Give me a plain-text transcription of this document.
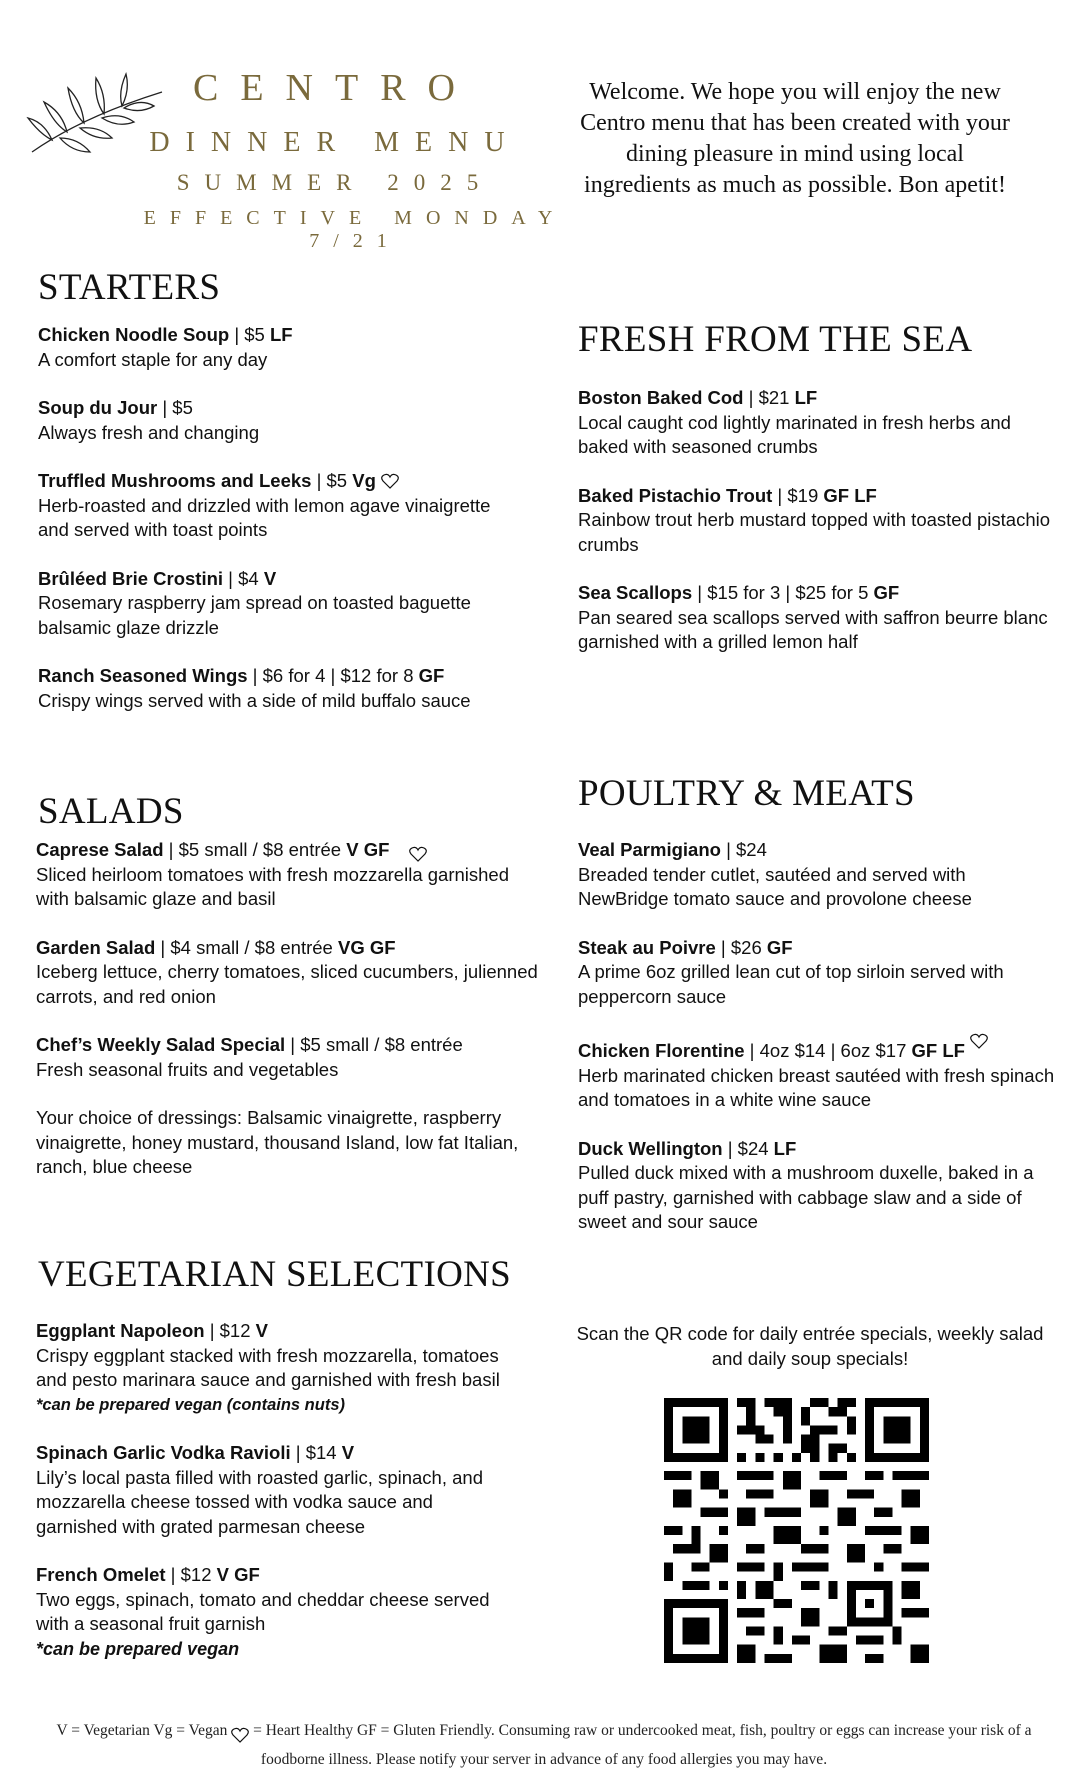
CENTRO
DINNER MENU
SUMMER 2025
EFFECTIVE MONDAY 7/21
Welcome. We hope you will enjoy the new Centro menu that has been created with your dining pleasure in mind using local ingredients as much as possible. Bon apetit!
STARTERS
Chicken Noodle Soup | $5 LF

A comfort staple for any day

Soup du Jour | $5

Always fresh and changing

Truffled Mushrooms and Leeks | $5 Vg

Herb-roasted and drizzled with lemon agave vinaigrette and served with toast points

Brûléed Brie Crostini | $4 V

Rosemary raspberry jam spread on toasted baguette balsamic glaze drizzle

Ranch Seasoned Wings | $6 for 4 | $12 for 8 GF

Crispy wings served with a side of mild buffalo sauce

SALADS
Caprese Salad | $5 small / $8 entrée V GF

Sliced heirloom tomatoes with fresh mozzarella garnished with balsamic glaze and basil

Garden Salad | $4 small / $8 entrée VG GF

Iceberg lettuce, cherry tomatoes, sliced cucumbers, julienned carrots, and red onion

Chef’s Weekly Salad Special | $5 small / $8 entrée

Fresh seasonal fruits and vegetables

Your choice of dressings: Balsamic vinaigrette, raspberry vinaigrette, honey mustard, thousand Island, low fat Italian, ranch, blue cheese

VEGETARIAN SELECTIONS
Eggplant Napoleon | $12 V

Crispy eggplant stacked with fresh mozzarella, tomatoes and pesto marinara sauce and garnished with fresh basil

*can be prepared vegan (contains nuts)

Spinach Garlic Vodka Ravioli | $14 V

Lily’s local pasta filled with roasted garlic, spinach, and mozzarella cheese tossed with vodka sauce and garnished with grated parmesan cheese

French Omelet | $12 V GF

Two eggs, spinach, tomato and cheddar cheese served with a seasonal fruit garnish

*can be prepared vegan

FRESH FROM THE SEA
Boston Baked Cod | $21 LF

Local caught cod lightly marinated in fresh herbs and baked with seasoned crumbs

Baked Pistachio Trout | $19 GF LF

Rainbow trout herb mustard topped with toasted pistachio crumbs

Sea Scallops | $15 for 3 | $25 for 5 GF

Pan seared sea scallops served with saffron beurre blanc garnished with a grilled lemon half

POULTRY & MEATS
Veal Parmigiano | $24

Breaded tender cutlet, sautéed and served with NewBridge tomato sauce and provolone cheese

Steak au Poivre | $26 GF

A prime 6oz grilled lean cut of top sirloin served with peppercorn sauce

Chicken Florentine | 4oz $14 | 6oz $17 GF LF

Herb marinated chicken breast sautéed with fresh spinach and tomatoes in a white wine sauce

Duck Wellington | $24 LF

Pulled duck mixed with a mushroom duxelle, baked in a puff pastry, garnished with cabbage slaw and a side of sweet and sour sauce

Scan the QR code for daily entrée specials, weekly salad and daily soup specials!
V = Vegetarian Vg = Vegan  = Heart Healthy GF = Gluten Friendly. Consuming raw or undercooked meat, fish, poultry or eggs can increase your risk of a foodborne illness. Please notify your server in advance of any food allergies you may have.
